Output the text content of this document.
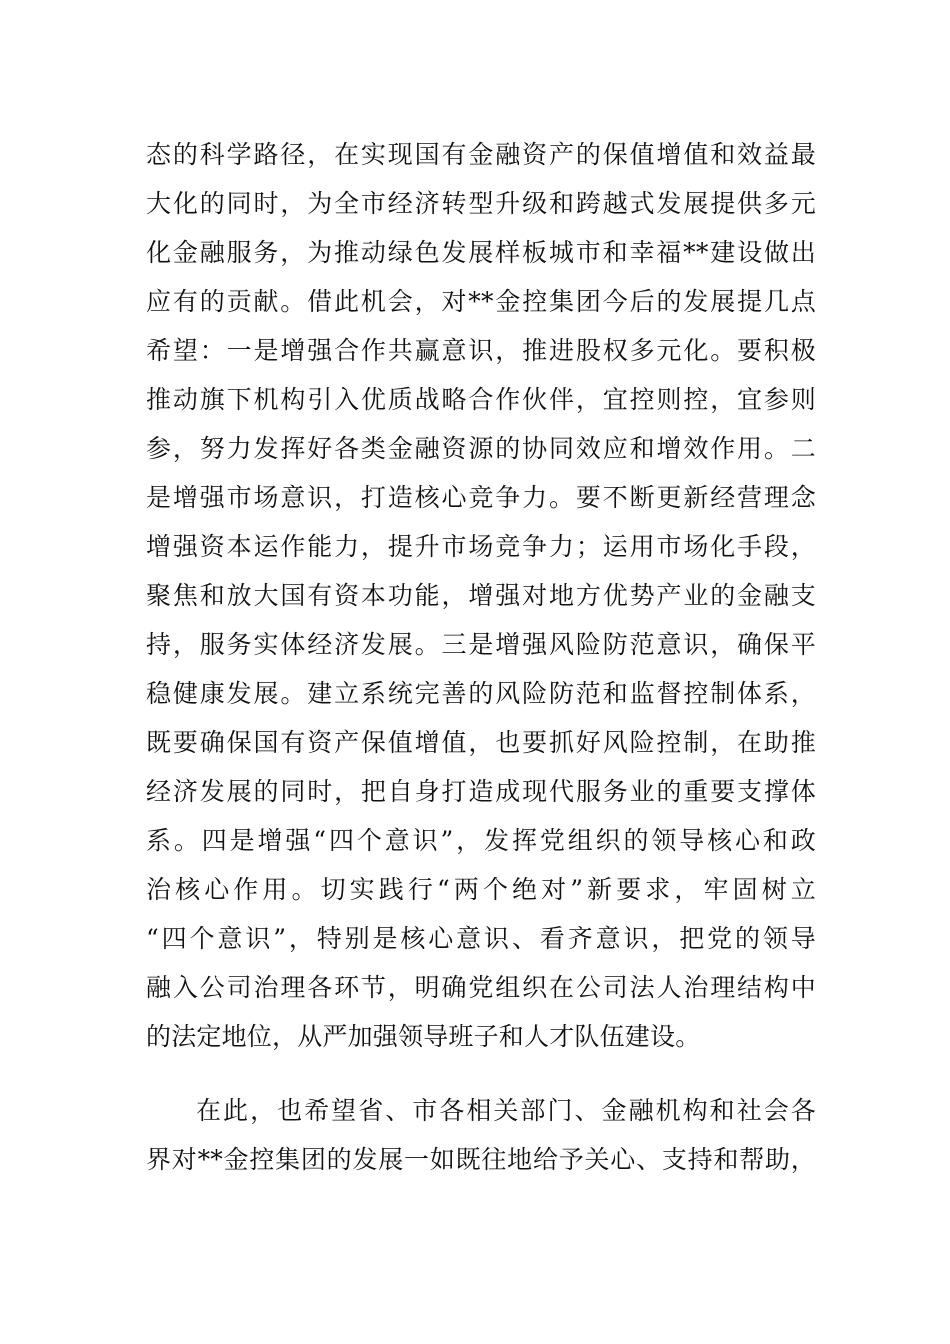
态的科学路径，在实现国有金融资产的保值增值和效益最
大化的同时，为全市经济转型升级和跨越式发展提供多元
化金融服务，为推动绿色发展样板城市和幸福**建设做出
应有的贡献。借此机会，对**金控集团今后的发展提几点
希望：一是增强合作共赢意识，推进股权多元化。要积极
推动旗下机构引入优质战略合作伙伴，宜控则控，宜参则
参，努力发挥好各类金融资源的协同效应和增效作用。二
是增强市场意识，打造核心竞争力。要不断更新经营理念
增强资本运作能力，提升市场竞争力；运用市场化手段，
聚焦和放大国有资本功能，增强对地方优势产业的金融支
持，服务实体经济发展。三是增强风险防范意识，确保平
稳健康发展。建立系统完善的风险防范和监督控制体系，
既要确保国有资产保值增值，也要抓好风险控制，在助推
经济发展的同时，把自身打造成现代服务业的重要支撑体
系。四是增强“四个意识”，发挥党组织的领导核心和政
治核心作用。切实践行“两个绝对”新要求，牢固树立
“四个意识”，特别是核心意识、看齐意识，把党的领导
融入公司治理各环节，明确党组织在公司法人治理结构中
的法定地位，从严加强领导班子和人才队伍建设。
在此，也希望省、市各相关部门、金融机构和社会各
界对**金控集团的发展一如既往地给予关心、支持和帮助，
